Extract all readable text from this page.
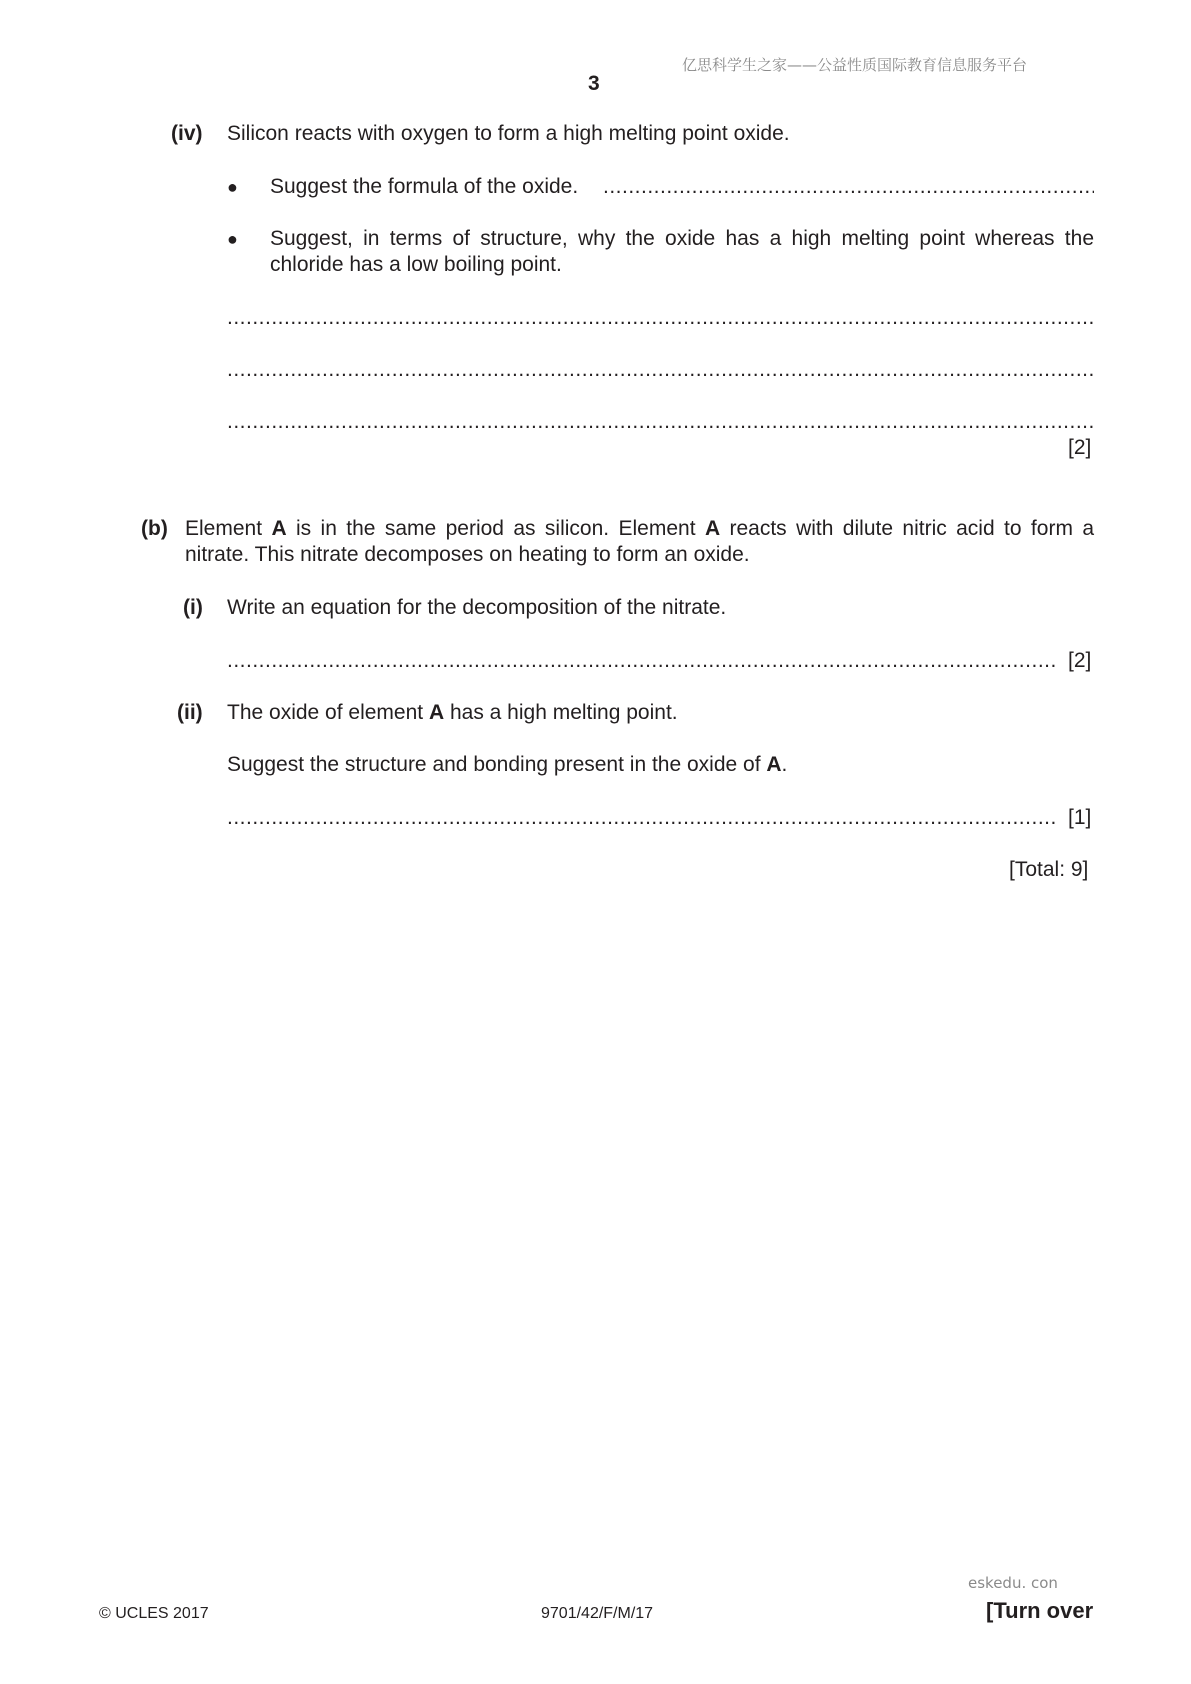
亿思科学生之家——公益性质国际教育信息服务平台
3
(iv) Silicon reacts with oxygen to form a high melting point oxide.
● Suggest the formula of the oxide.
.....
● Suggest, in terms of structure, why the oxide has a high melting point whereas the
chloride has a low boiling point.
.....
.....
.....
[2]
(b) Element A is in the same period as silicon. Element A reacts with dilute nitric acid to form a
nitrate. This nitrate decomposes on heating to form an oxide.
(i) Write an equation for the decomposition of the nitrate.
.....
[2]
(ii) The oxide of element A has a high melting point.
Suggest the structure and bonding present in the oxide of A.
.....
[1]
[Total: 9]
eskedu. con
© UCLES 2017	9701/42/F/M/17	[Turn over
